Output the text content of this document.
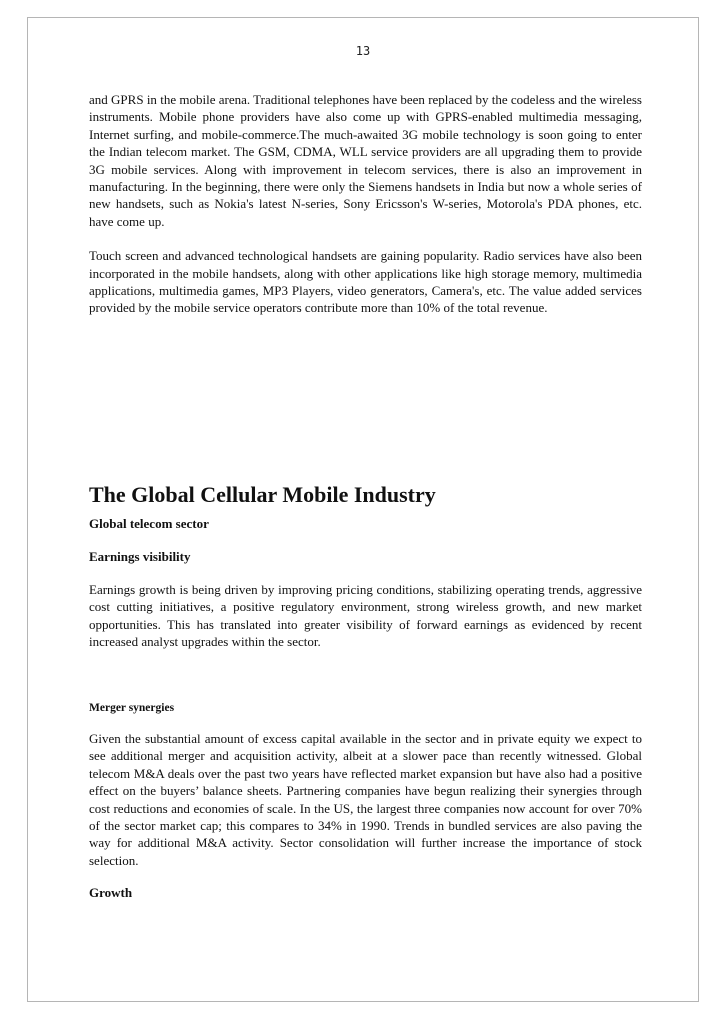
13

and GPRS in the mobile arena. Traditional telephones have been replaced by the codeless and the wireless instruments. Mobile phone providers have also come up with GPRS-enabled multimedia messaging, Internet surfing, and mobile-commerce.The much-awaited 3G mobile technology is soon going to enter the Indian telecom market. The GSM, CDMA, WLL service providers are all upgrading them to provide 3G mobile services. Along with improvement in telecom services, there is also an improvement in manufacturing. In the beginning, there were only the Siemens handsets in India but now a whole series of new handsets, such as Nokia's latest N-series, Sony Ericsson's W-series, Motorola's PDA phones, etc. have come up.

Touch screen and advanced technological handsets are gaining popularity. Radio services have also been incorporated in the mobile handsets, along with other applications like high storage memory, multimedia applications, multimedia games, MP3 Players, video generators, Camera's, etc. The value added services provided by the mobile service operators contribute more than 10% of the total revenue.

The Global Cellular Mobile Industry

Global telecom sector

Earnings visibility

Earnings growth is being driven by improving pricing conditions, stabilizing operating trends, aggressive cost cutting initiatives, a positive regulatory environment, strong wireless growth, and new market opportunities. This has translated into greater visibility of forward earnings as evidenced by recent increased analyst upgrades within the sector.

Merger synergies

Given the substantial amount of excess capital available in the sector and in private equity we expect to see additional merger and acquisition activity, albeit at a slower pace than recently witnessed. Global telecom M&A deals over the past two years have reflected market expansion but have also had a positive effect on the buyers’ balance sheets. Partnering companies have begun realizing their synergies through cost reductions and economies of scale. In the US, the largest three companies now account for over 70% of the sector market cap; this compares to 34% in 1990. Trends in bundled services are also paving the way for additional M&A activity. Sector consolidation will further increase the importance of stock selection.

Growth
